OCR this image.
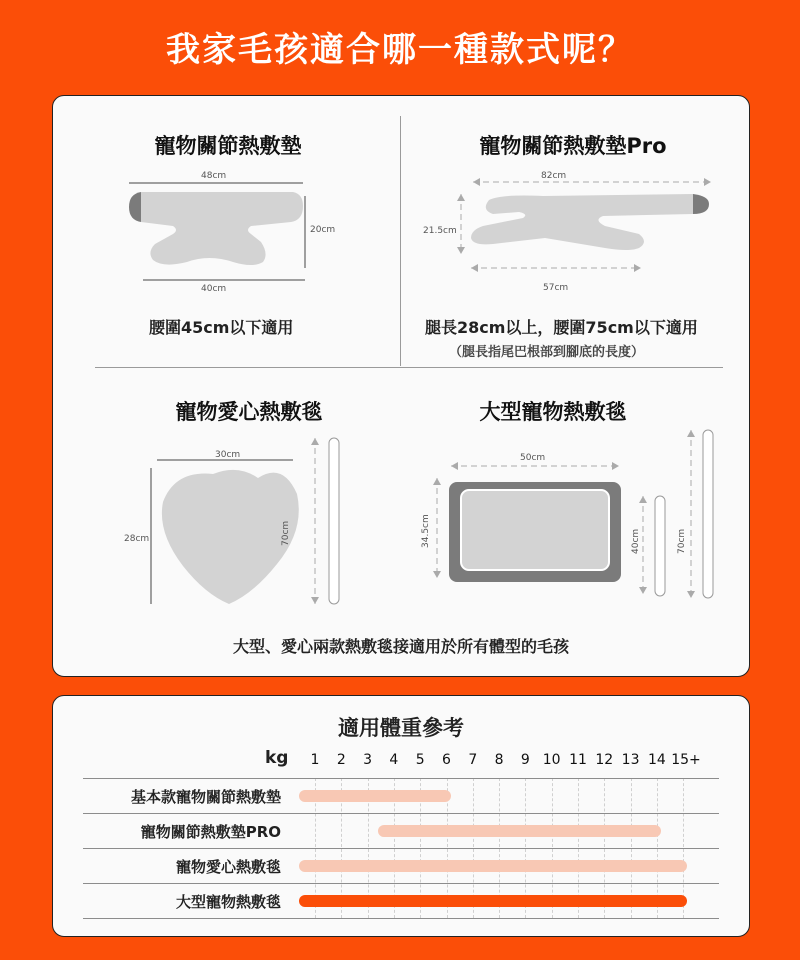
我家毛孩適合哪一種款式呢？
寵物關節熱敷墊
48cm
20cm
40cm
腰圍45cm以下適用
寵物關節熱敷墊Pro
82cm
21.5cm
57cm
腿長28cm以上，腰圍75cm以下適用
（腿長指尾巴根部到腳底的長度）
寵物愛心熱敷毯
30cm
28cm	70cm
大型寵物熱敷毯
50cm
34.5cm	40cm	70cm
大型、愛心兩款熱敷毯接適用於所有體型的毛孩
適用體重參考
kg	1	2	3	4	5	6	7	8	9 10 11 12 13 14 15+
基本款寵物關節熱敷墊
寵物關節熱敷墊PRO
寵物愛心熱敷毯
大型寵物熱敷毯
